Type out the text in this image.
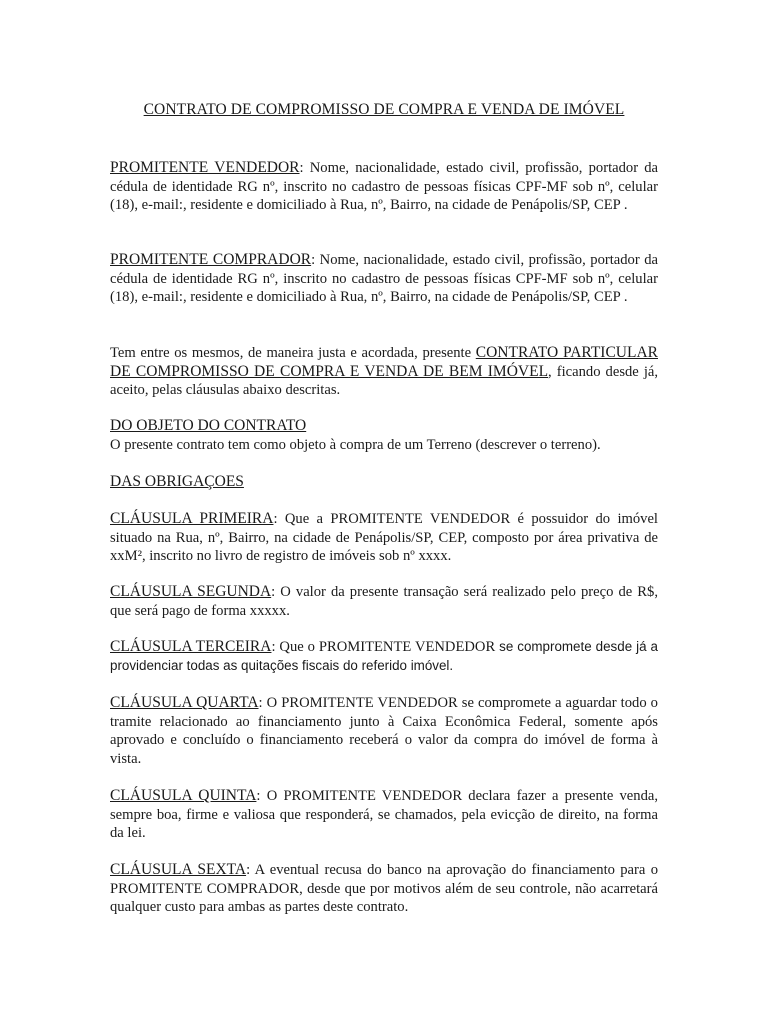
CONTRATO DE COMPROMISSO DE COMPRA E VENDA DE IMÓVEL

PROMITENTE VENDEDOR: Nome, nacionalidade, estado civil, profissão, portador da cédula de identidade RG nº, inscrito no cadastro de pessoas físicas CPF-MF sob nº, celular (18), e-mail:, residente e domiciliado à Rua, nº, Bairro, na cidade de Penápolis/SP, CEP .

PROMITENTE COMPRADOR: Nome, nacionalidade, estado civil, profissão, portador da cédula de identidade RG nº, inscrito no cadastro de pessoas físicas CPF-MF sob nº, celular (18), e-mail:, residente e domiciliado à Rua, nº, Bairro, na cidade de Penápolis/SP, CEP .

Tem entre os mesmos, de maneira justa e acordada, presente CONTRATO PARTICULAR DE COMPROMISSO DE COMPRA E VENDA DE BEM IMÓVEL, ficando desde já, aceito, pelas cláusulas abaixo descritas.

DO OBJETO DO CONTRATO

O presente contrato tem como objeto à compra de um Terreno (descrever o terreno).

DAS OBRIGAÇOES

CLÁUSULA PRIMEIRA: Que a PROMITENTE VENDEDOR é possuidor do imóvel situado na Rua, nº, Bairro, na cidade de Penápolis/SP, CEP, composto por área privativa de xxM², inscrito no livro de registro de imóveis sob nº xxxx.

CLÁUSULA SEGUNDA: O valor da presente transação será realizado pelo preço de R$, que será pago de forma xxxxx.

CLÁUSULA TERCEIRA: Que o PROMITENTE VENDEDOR se compromete desde já a providenciar todas as quitações fiscais do referido imóvel.

CLÁUSULA QUARTA: O PROMITENTE VENDEDOR se compromete a aguardar todo o tramite relacionado ao financiamento junto à Caixa Econômica Federal, somente após aprovado e concluído o financiamento receberá o valor da compra do imóvel de forma à vista.

CLÁUSULA QUINTA: O PROMITENTE VENDEDOR declara fazer a presente venda, sempre boa, firme e valiosa que responderá, se chamados, pela evicção de direito, na forma da lei.

CLÁUSULA SEXTA: A eventual recusa do banco na aprovação do financiamento para o PROMITENTE COMPRADOR, desde que por motivos além de seu controle, não acarretará qualquer custo para ambas as partes deste contrato.
